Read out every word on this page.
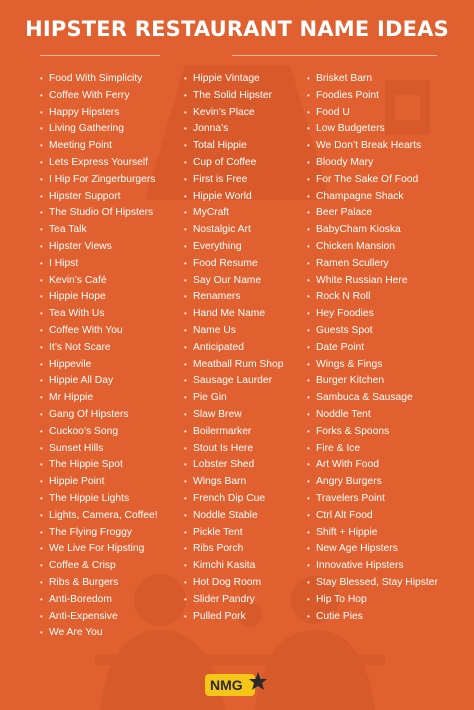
HIPSTER RESTAURANT NAME IDEAS
• Food With Simplicity
• Coffee With Ferry
• Happy Hipsters
• Living Gathering
• Meeting Point
• Lets Express Yourself
• I Hip For Zingerburgers
• Hipster Support
• The Studio Of Hipsters
• Tea Talk
• Hipster Views
• I Hipst
• Kevin’s Café
• Hippie Hope
• Tea With Us
• Coffee With You
• It’s Not Scare
• Hippevile
• Hippie All Day
• Mr Hippie
• Gang Of Hipsters
• Cuckoo’s Song
• Sunset Hills
• The Hippie Spot
• Hippie Point
• The Hippie Lights
• Lights, Camera, Coffee!
• The Flying Froggy
• We Live For Hipsting
• Coffee & Crisp
• Ribs & Burgers
• Anti-Boredom
• Anti-Expensive
• We Are You
• Hippie Vintage
• The Solid Hipster
• Kevin’s Place
• Jonna’s
• Total Hippie
• Cup of Coffee
• First is Free
• Hippie World
• MyCraft
• Nostalgic Art
• Everything
• Food Resume
• Say Our Name
• Renamers
• Hand Me Name
• Name Us
• Anticipated
• Meatball Rum Shop
• Sausage Laurder
• Pie Gin
• Slaw Brew
• Boilermarker
• Stout Is Here
• Lobster Shed
• Wings Barn
• French Dip Cue
• Noddle Stable
• Pickle Tent
• Ribs Porch
• Kimchi Kasita
• Hot Dog Room
• Slider Pandry
• Pulled Pork
• Brisket Barn
• Foodies Point
• Food U
• Low Budgeters
• We Don’t Break Hearts
• Bloody Mary
• For The Sake Of Food
• Champagne Shack
• Beer Palace
• BabyCham Kioska
• Chicken Mansion
• Ramen Scullery
• White Russian Here
• Rock N Roll
• Hey Foodies
• Guests Spot
• Date Point
• Wings & Fings
• Burger Kitchen
• Sambuca & Sausage
• Noddle Tent
• Forks & Spoons
• Fire & Ice
• Art With Food
• Angry Burgers
• Travelers Point
• Ctrl Alt Food
• Shift + Hippie
• New Age Hipsters
• Innovative Hipsters
• Stay Blessed, Stay Hipster
• Hip To Hop
• Cutie Pies
NMG
